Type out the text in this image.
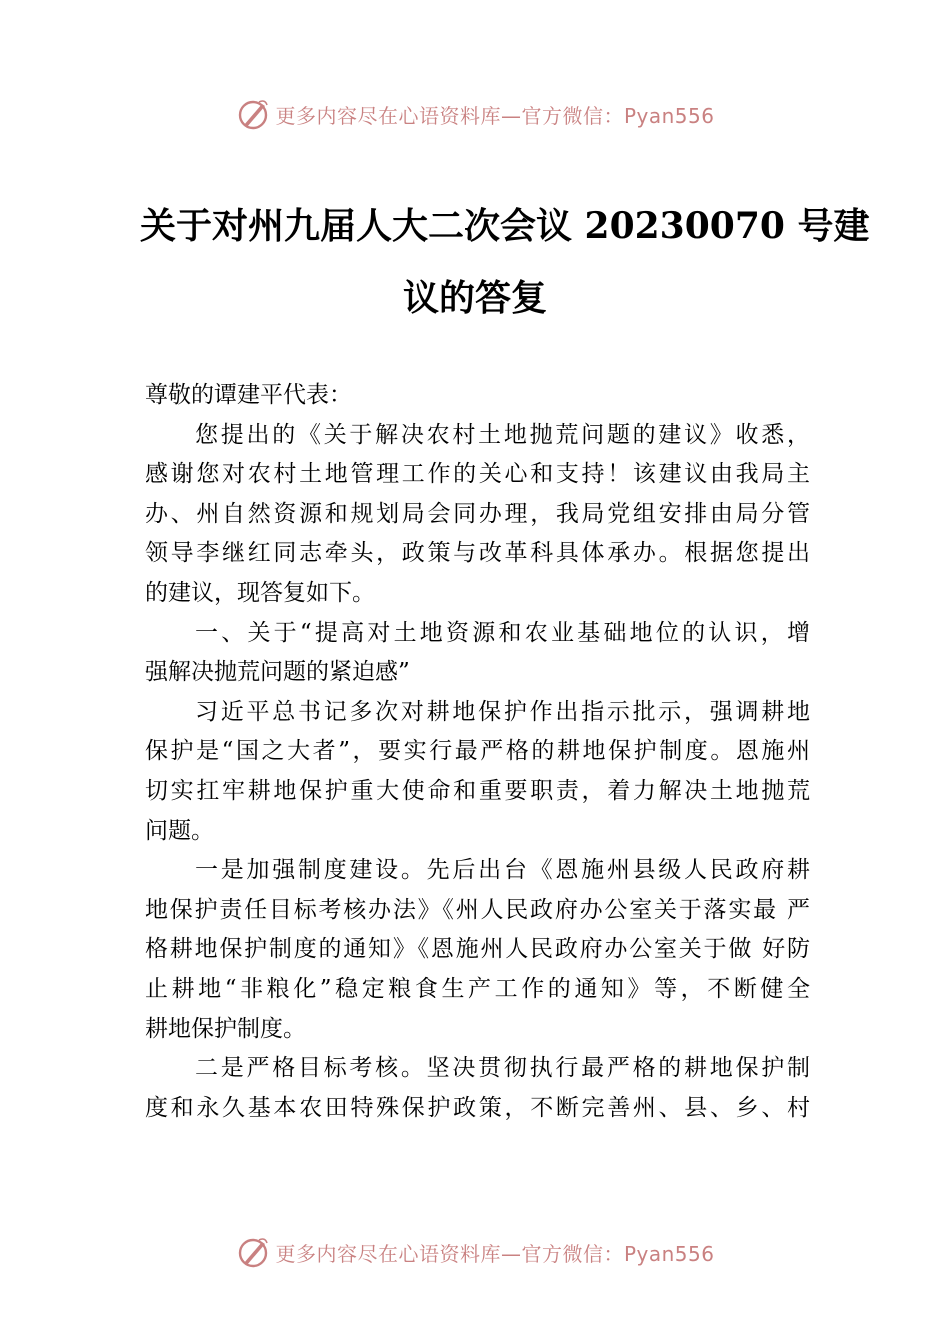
更多内容尽在心语资料库—官方微信：Pyan556
关于对州九届人大二次会议 20230070 号建
议的答复
尊敬的谭建平代表：
您提出的《关于解决农村土地抛荒问题的建议》收悉，
感谢您对农村土地管理工作的关心和支持！该建议由我局主
办、州自然资源和规划局会同办理，我局党组安排由局分管
领导李继红同志牵头，政策与改革科具体承办。根据您提出
的建议，现答复如下。
一、关于“提高对土地资源和农业基础地位的认识，增
强解决抛荒问题的紧迫感”
习近平总书记多次对耕地保护作出指示批示，强调耕地
保护是“国之大者”，要实行最严格的耕地保护制度。恩施州
切实扛牢耕地保护重大使命和重要职责，着力解决土地抛荒
问题。
一是加强制度建设。先后出台《恩施州县级人民政府耕
地保护责任目标考核办法》《州人民政府办公室关于落实最 严
格耕地保护制度的通知》《恩施州人民政府办公室关于做 好防
止耕地“非粮化”稳定粮食生产工作的通知》等，不断健全
耕地保护制度。
二是严格目标考核。坚决贯彻执行最严格的耕地保护制
度和永久基本农田特殊保护政策，不断完善州、县、乡、村
更多内容尽在心语资料库—官方微信：Pyan556
